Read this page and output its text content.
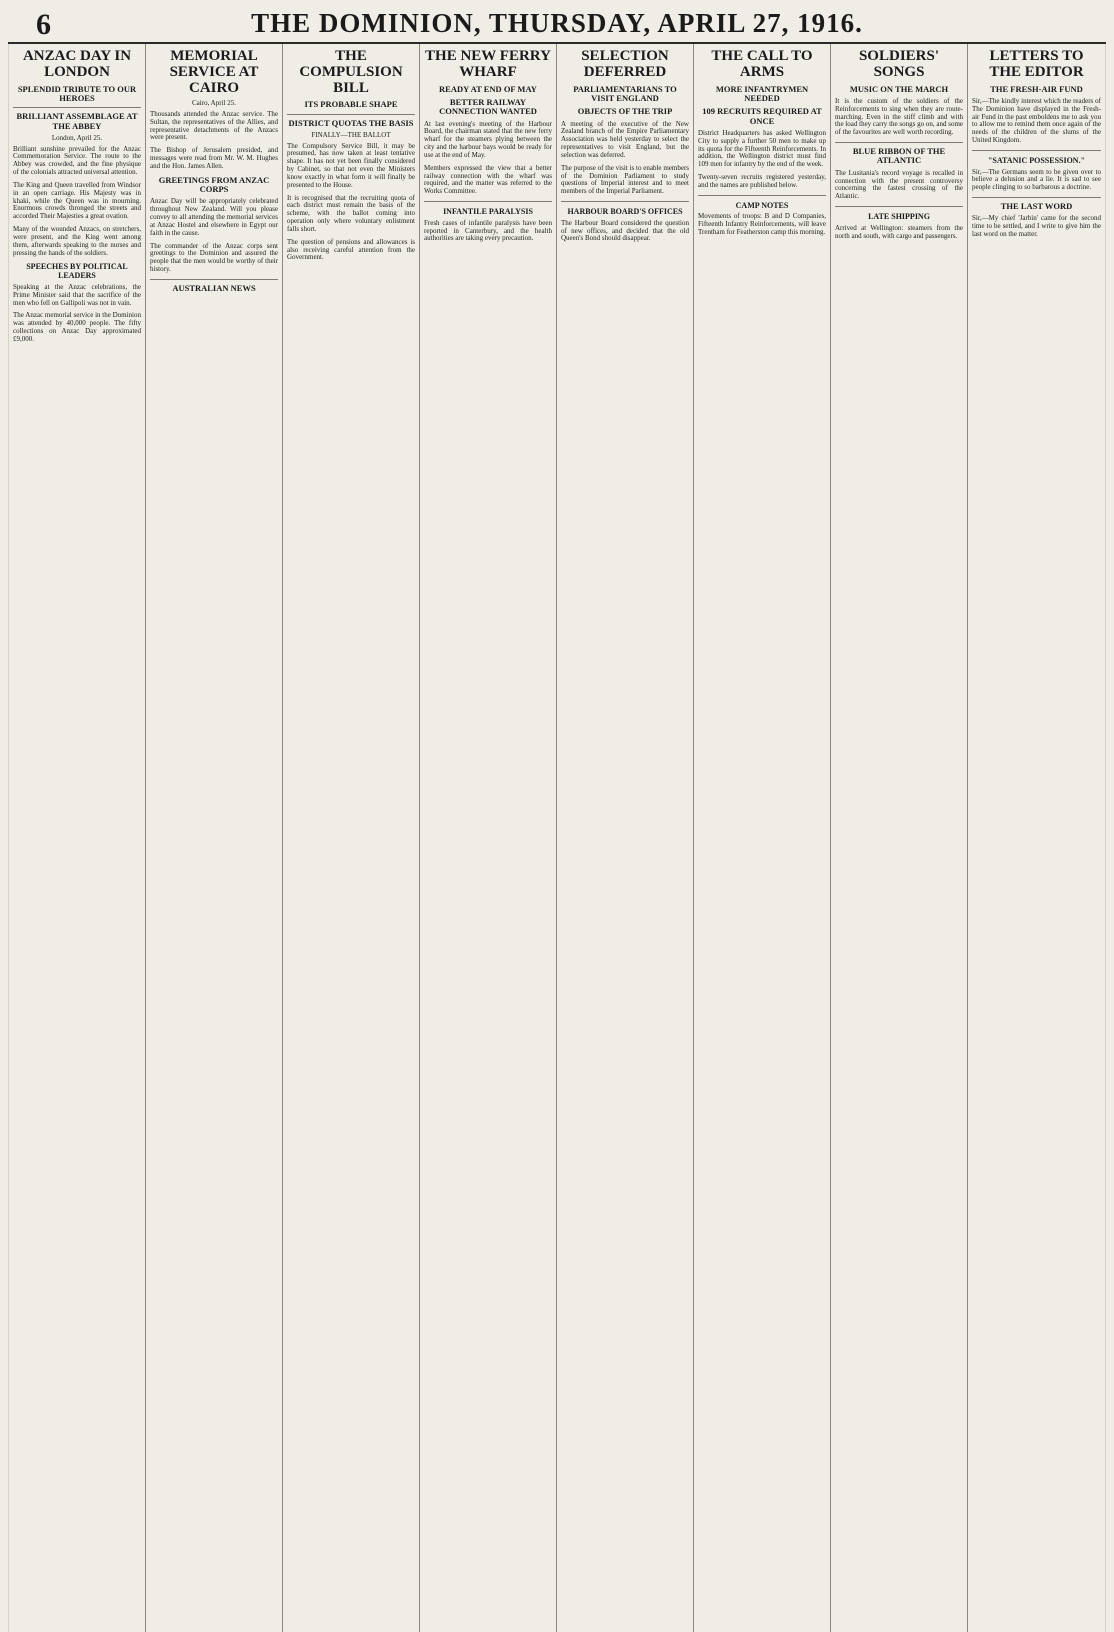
6	THE DOMINION, THURSDAY, APRIL 27, 1916.
ANZAC DAY IN LONDON
SPLENDID TRIBUTE TO OUR HEROES
BRILLIANT ASSEMBLAGE AT THE ABBEY
London, April 25.

Brilliant sunshine prevailed for the Anzac Commemoration Service. The route to the Abbey was crowded, and the fine physique of the colonials attracted universal attention.

The King and Queen travelled from Windsor in an open carriage. His Majesty was in khaki, while the Queen was in mourning. Enormous crowds thronged the streets and accorded Their Majesties a great ovation.

Many of the wounded Anzacs, on stretchers, were present, and the King went among them, afterwards speaking to the nurses and pressing the hands of the soldiers.

SPEECHES BY POLITICAL LEADERS

Speaking at the Anzac celebrations, the Prime Minister said that the sacrifice of the men who fell on Gallipoli was not in vain.

The Anzac memorial service in the Dominion was attended by 40,000 people. The fifty collections on Anzac Day approximated £9,000.

MEMORIAL SERVICE AT CAIRO
Cairo, April 25.

Thousands attended the Anzac service. The Sultan, the representatives of the Allies, and representative detachments of the Anzacs were present.

The Bishop of Jerusalem presided, and messages were read from Mr. W. M. Hughes and the Hon. James Allen.

GREETINGS FROM ANZAC CORPS

Anzac Day will be appropriately celebrated throughout New Zealand. Will you please convey to all attending the memorial services at Anzac Hostel and elsewhere in Egypt our faith in the cause.

The commander of the Anzac corps sent greetings to the Dominion and assured the people that the men would be worthy of their history.

AUSTRALIAN NEWS
THE COMPULSION BILL
ITS PROBABLE SHAPE
DISTRICT QUOTAS THE BASIS
FINALLY—THE BALLOT

The Compulsory Service Bill, it may be presumed, has now taken at least tentative shape. It has not yet been finally considered by Cabinet, so that not even the Ministers know exactly in what form it will finally be presented to the House.

It is recognised that the recruiting quota of each district must remain the basis of the scheme, with the ballot coming into operation only where voluntary enlistment falls short.

The question of pensions and allowances is also receiving careful attention from the Government.

THE NEW FERRY WHARF
READY AT END OF MAY
BETTER RAILWAY CONNECTION WANTED

At last evening's meeting of the Harbour Board, the chairman stated that the new ferry wharf for the steamers plying between the city and the harbour bays would be ready for use at the end of May.

Members expressed the view that a better railway connection with the wharf was required, and the matter was referred to the Works Committee.

INFANTILE PARALYSIS

Fresh cases of infantile paralysis have been reported in Canterbury, and the health authorities are taking every precaution.

SELECTION DEFERRED
PARLIAMENTARIANS TO VISIT ENGLAND
OBJECTS OF THE TRIP

A meeting of the executive of the New Zealand branch of the Empire Parliamentary Association was held yesterday to select the representatives to visit England, but the selection was deferred.

The purpose of the visit is to enable members of the Dominion Parliament to study questions of Imperial interest and to meet members of the Imperial Parliament.

HARBOUR BOARD'S OFFICES

The Harbour Board considered the question of new offices, and decided that the old Queen's Bond should disappear.

THE CALL TO ARMS
MORE INFANTRYMEN NEEDED
109 RECRUITS REQUIRED AT ONCE

District Headquarters has asked Wellington City to supply a further 50 men to make up its quota for the Fifteenth Reinforcements. In addition, the Wellington district must find 109 men for infantry by the end of the week.

Twenty-seven recruits registered yesterday, and the names are published below.

CAMP NOTES

Movements of troops: B and D Companies, Fifteenth Infantry Reinforcements, will leave Trentham for Featherston camp this morning.

SOLDIERS' SONGS
MUSIC ON THE MARCH

It is the custom of the soldiers of the Reinforcements to sing when they are route-marching. Even in the stiff climb and with the load they carry the songs go on, and some of the favourites are well worth recording.

BLUE RIBBON OF THE ATLANTIC

The Lusitania's record voyage is recalled in connection with the present controversy concerning the fastest crossing of the Atlantic.

LATE SHIPPING

Arrived at Wellington: steamers from the north and south, with cargo and passengers.

LETTERS TO THE EDITOR
THE FRESH-AIR FUND

Sir,—The kindly interest which the readers of The Dominion have displayed in the Fresh-air Fund in the past emboldens me to ask you to allow me to remind them once again of the needs of the children of the slums of the United Kingdom.

"SATANIC POSSESSION."

Sir,—The Germans seem to be given over to believe a delusion and a lie. It is sad to see people clinging to so barbarous a doctrine.

THE LAST WORD

Sir,—My chief 'Jarbin' came for the second time to be settled, and I write to give him the last word on the matter.
